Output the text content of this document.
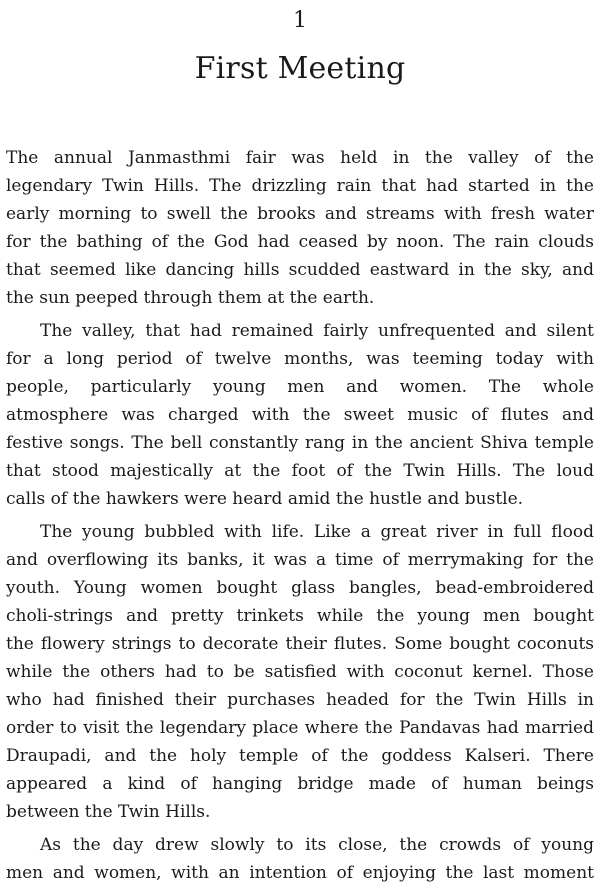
1
First Meeting

The annual Janmasthmi fair was held in the valley of the
legendary Twin Hills. The drizzling rain that had started in the
early morning to swell the brooks and streams with fresh water
for the bathing of the God had ceased by noon. The rain clouds
that seemed like dancing hills scudded eastward in the sky, and
the sun peeped through them at the earth.

The valley, that had remained fairly unfrequented and silent
for a long period of twelve months, was teeming today with
people, particularly young men and women. The whole
atmosphere was charged with the sweet music of flutes and
festive songs. The bell constantly rang in the ancient Shiva temple
that stood majestically at the foot of the Twin Hills. The loud
calls of the hawkers were heard amid the hustle and bustle.

The young bubbled with life. Like a great river in full flood
and overflowing its banks, it was a time of merrymaking for the
youth. Young women bought glass bangles, bead-embroidered
choli-strings and pretty trinkets while the young men bought
the flowery strings to decorate their flutes. Some bought coconuts
while the others had to be satisfied with coconut kernel. Those
who had finished their purchases headed for the Twin Hills in
order to visit the legendary place where the Pandavas had married
Draupadi, and the holy temple of the goddess Kalseri. There
appeared a kind of hanging bridge made of human beings
between the Twin Hills.

As the day drew slowly to its close, the crowds of young
men and women, with an intention of enjoying the last moment
